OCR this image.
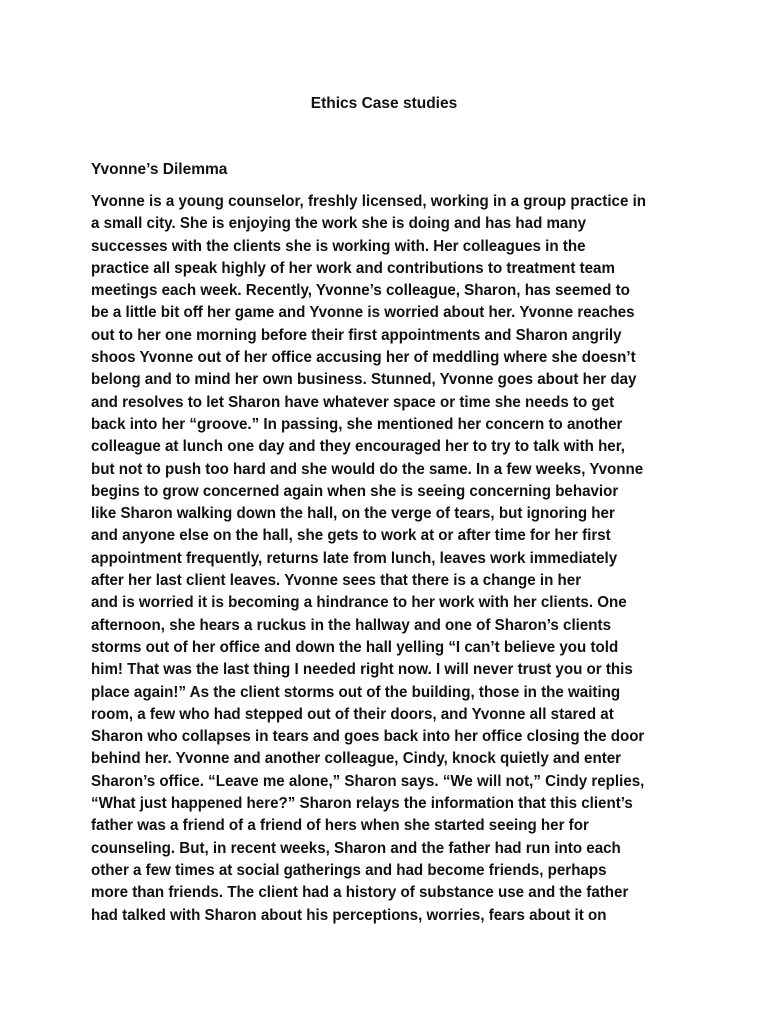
Ethics Case studies
Yvonne’s Dilemma
Yvonne is a young counselor, freshly licensed, working in a group practice in
a small city. She is enjoying the work she is doing and has had many
successes with the clients she is working with. Her colleagues in the
practice all speak highly of her work and contributions to treatment team
meetings each week. Recently, Yvonne’s colleague, Sharon, has seemed to
be a little bit off her game and Yvonne is worried about her. Yvonne reaches
out to her one morning before their first appointments and Sharon angrily
shoos Yvonne out of her office accusing her of meddling where she doesn’t
belong and to mind her own business. Stunned, Yvonne goes about her day
and resolves to let Sharon have whatever space or time she needs to get
back into her “groove.” In passing, she mentioned her concern to another
colleague at lunch one day and they encouraged her to try to talk with her,
but not to push too hard and she would do the same. In a few weeks, Yvonne
begins to grow concerned again when she is seeing concerning behavior
like Sharon walking down the hall, on the verge of tears, but ignoring her
and anyone else on the hall, she gets to work at or after time for her first
appointment frequently, returns late from lunch, leaves work immediately
after her last client leaves. Yvonne sees that there is a change in her
and is worried it is becoming a hindrance to her work with her clients. One
afternoon, she hears a ruckus in the hallway and one of Sharon’s clients
storms out of her office and down the hall yelling “I can’t believe you told
him! That was the last thing I needed right now. I will never trust you or this
place again!” As the client storms out of the building, those in the waiting
room, a few who had stepped out of their doors, and Yvonne all stared at
Sharon who collapses in tears and goes back into her office closing the door
behind her. Yvonne and another colleague, Cindy, knock quietly and enter
Sharon’s office. “Leave me alone,” Sharon says. “We will not,” Cindy replies,
“What just happened here?” Sharon relays the information that this client’s
father was a friend of a friend of hers when she started seeing her for
counseling. But, in recent weeks, Sharon and the father had run into each
other a few times at social gatherings and had become friends, perhaps
more than friends. The client had a history of substance use and the father
had talked with Sharon about his perceptions, worries, fears about it on
